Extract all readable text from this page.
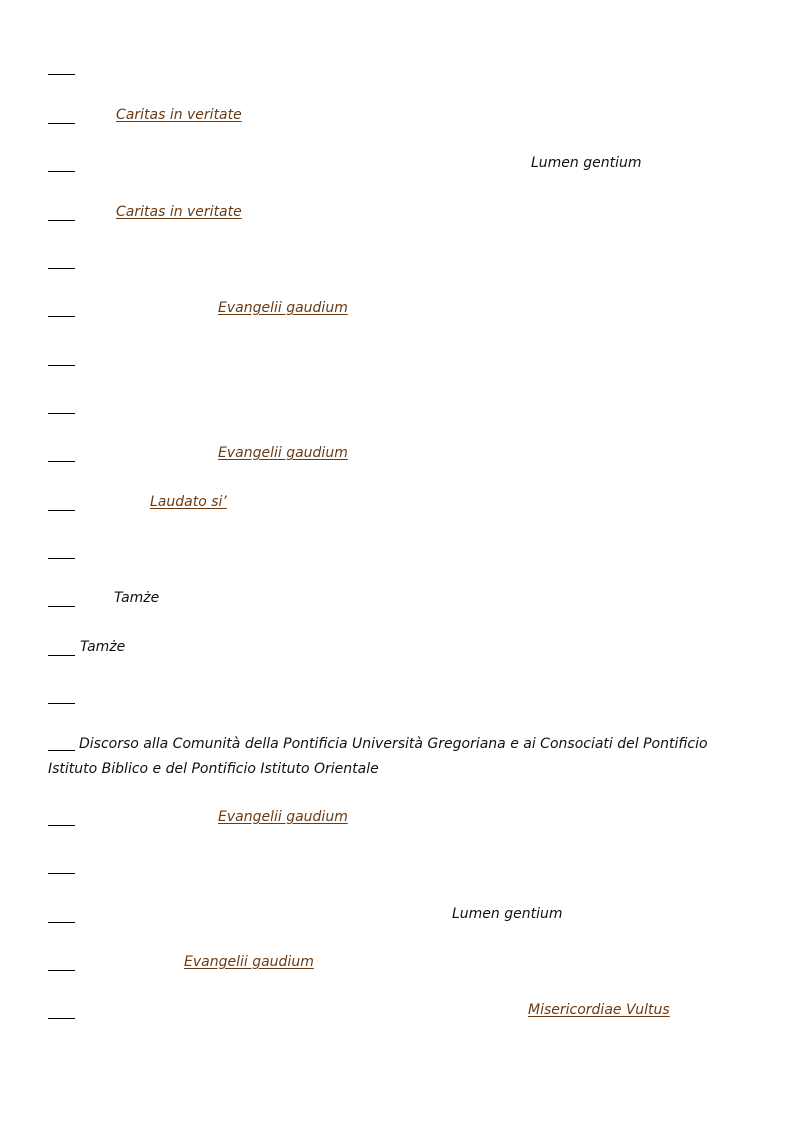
Caritas in veritate
Lumen gentium
Caritas in veritate
Evangelii gaudium
Evangelii gaudium
Laudato si’
Tamże
Tamże
Discorso alla Comunità della Pontificia Università Gregoriana e ai Consociati del Pontificio Istituto Biblico e del Pontificio Istituto Orientale
Evangelii gaudium
Lumen gentium
Evangelii gaudium
Misericordiae Vultus
